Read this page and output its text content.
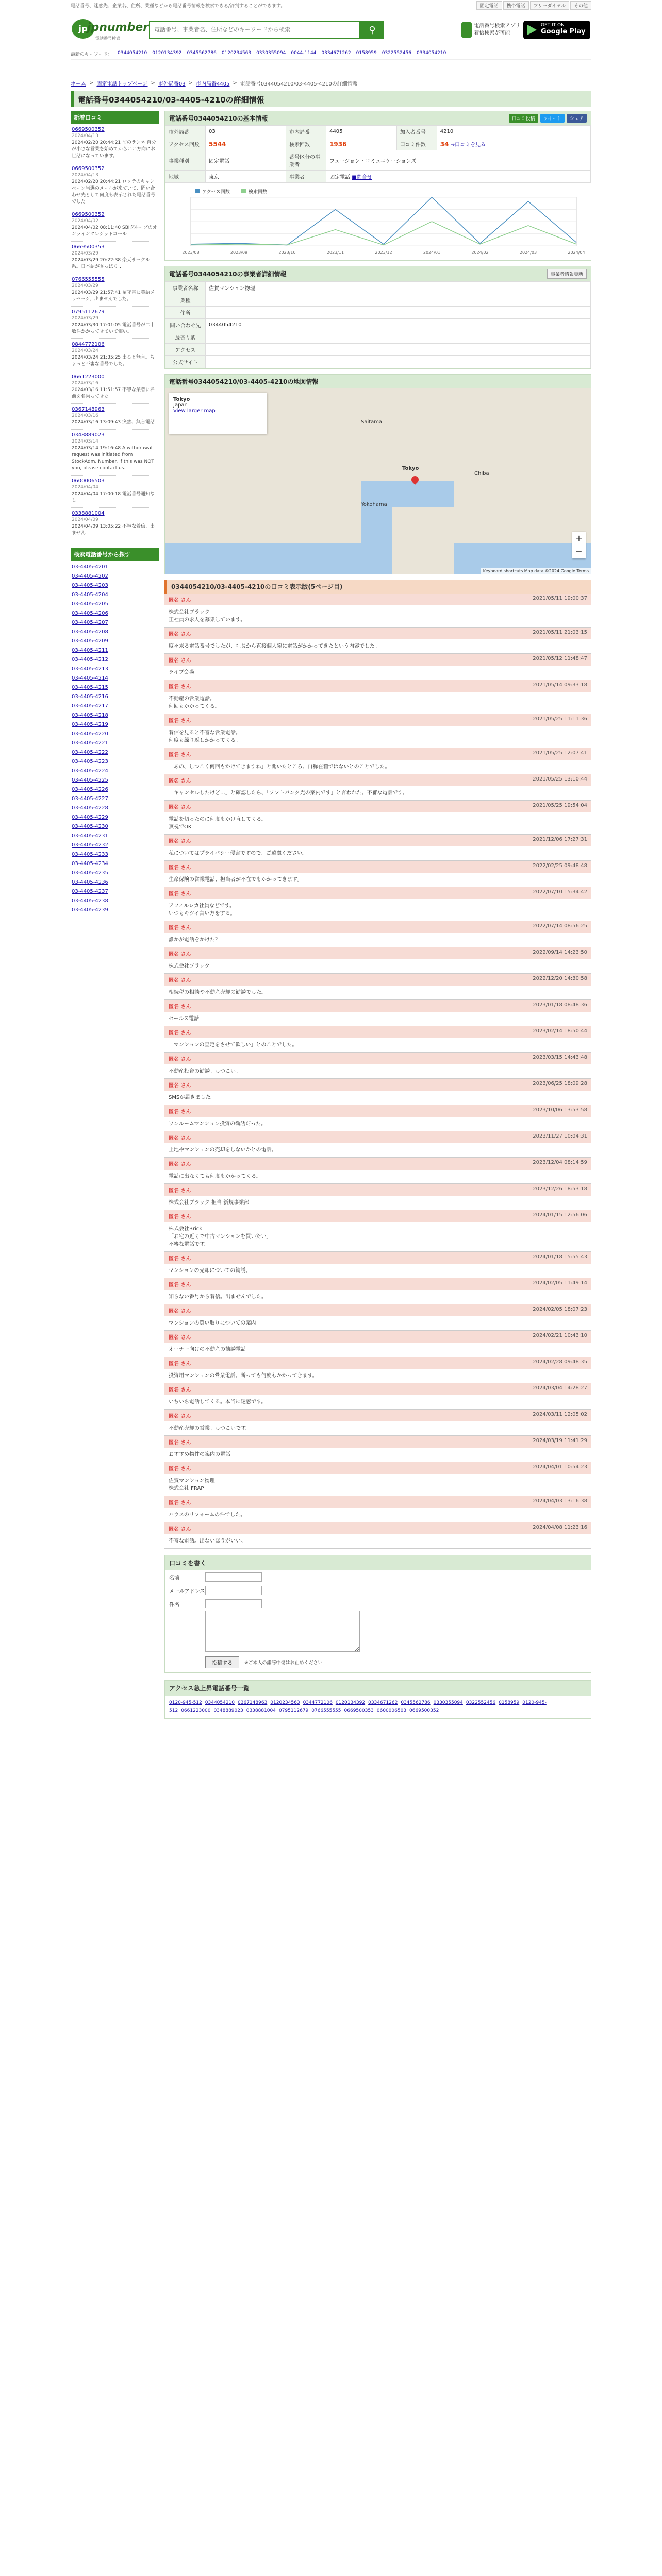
電話番号、迷惑先、企業名、住所、業種などから電話番号情報を検索できる/評判することができます。	固定電話	携帯電話	フリーダイヤル	その他
jp jpnumber
電話番号検索
電話番号、事業者名、住所などのキーワードから検索
⚲	電話番号検索アプリ
着信検索が可能
GET IT ON
Google Play
最新のキーワード： 0344054210 0120134392 0345562786 0120234563 0330355094 0044-1144 0334671262 0158959 0322552456 0334054210
ホーム > 固定電話トップページ > 市外局番03 > 市内局番4405 > 電話番号0344054210/03-4405-4210の詳細情報
電話番号0344054210/03-4405-4210の詳細情報
新着口コミ
0669500352
2024/04/13
2024/02/20 20:44:21 前のランネ 自分が小さな営業を始めてからいい方向にお世話になっています。
0669500352
2024/04/13
2024/02/20 20:44:21 ロッテのキャンペーン当選のメールが来ていて、問い合わせ先として何度も表示された電話番号でした
0669500352
2024/04/02
2024/04/02 08:11:40 SBIグループのオンラインクレジットコール
0669500353
2024/03/29
2024/03/29 20:22:38 楽天サークル系。日本語がさっぱり…
0766555555
2024/03/29
2024/03/29 21:57:41 留守電に英語メッセージ、出ませんでした。
0795112679
2024/03/29
2024/03/30 17:01:05 電話番号が二十数件かかってきていて怖い。
0844772106
2024/03/24
2024/03/24 21:35:25 出ると無言。ちょっと不審な番号でした。
0661223000
2024/03/16
2024/03/16 11:51:57 不審な業者に名前を名乗ってきた
0367148963
2024/03/16
2024/03/16 13:09:43 突然、無言電話
0348889023
2024/03/14
2024/03/14 19:16:48 A withdrawal request was initiated from StockAdm. Number. If this was NOT you, please contact us.
0600006503
2024/04/04
2024/04/04 17:00:18 電話番号通知なし
0338881004
2024/04/09
2024/04/09 13:05:22 不審な着信、出ません
検索電話番号から探す
03-4405-4201
03-4405-4202
03-4405-4203
03-4405-4204
03-4405-4205
03-4405-4206
03-4405-4207
03-4405-4208
03-4405-4209
03-4405-4211
03-4405-4212
03-4405-4213
03-4405-4214
03-4405-4215
03-4405-4216
03-4405-4217
03-4405-4218
03-4405-4219
03-4405-4220
03-4405-4221
03-4405-4222
03-4405-4223
03-4405-4224
03-4405-4225
03-4405-4226
03-4405-4227
03-4405-4228
03-4405-4229
03-4405-4230
03-4405-4231
03-4405-4232
03-4405-4233
03-4405-4234
03-4405-4235
03-4405-4236
03-4405-4237
03-4405-4238
03-4405-4239
電話番号0344054210の基本情報	口コミ投稿	ツイート	シェア
市外局番	03	市内局番	4405	加入者番号	4210
アクセス回数	5544	検索回数	1936	口コミ件数	34 →口コミを見る
事業種別	固定電話	番号区分の事業者	フュージョン・コミュニケーションズ		
地域	東京	事業者	固定電話 ■問合せ		
2023/08	2023/09	2023/10	2023/11	2023/12	2024/01	2024/02	2024/03	2024/04
アクセス回数	検索回数
電話番号0344054210の事業者詳細情報	事業者情報更新
事業者名称	佐賀マンション物理
業種	
住所	
問い合わせ先	0344054210
最寄り駅	
アクセス	
公式サイト	
電話番号0344054210/03-4405-4210の地図情報
Saitama
Tokyo
Yokohama
Chiba
Tokyo
Japan
View larger map
+
−
Keyboard shortcuts Map data ©2024 Google Terms
0344054210/03-4405-4210の口コミ表示版(5ページ目)
匿名 さん	2021/05/11 19:00:37
株式会社ブラック
正社員の求人を募集しています。
匿名 さん	2021/05/11 21:03:15
度々来る電話番号でしたが、社長から直接個人宛に電話がかかってきたという内容でした。
匿名 さん	2021/05/12 11:48:47
ライブ会場
匿名 さん	2021/05/14 09:33:18
不動産の営業電話。
何回もかかってくる。
匿名 さん	2021/05/25 11:11:36
着信を見ると不審な営業電話。
何度も繰り返しかかってくる。
匿名 さん	2021/05/25 12:07:41
「あの、しつこく何回もかけてきますね」と聞いたところ、自称在籍ではないとのことでした。
匿名 さん	2021/05/25 13:10:44
「キャンセルしたけど…」と確認したら、「ソフトバンク光の案内です」と言われた。不審な電話です。
匿名 さん	2021/05/25 19:54:04
電話を切ったのに何度もかけ直してくる。
無視でOK
匿名 さん	2021/12/06 17:27:31
私についてはプライバシー侵害ですので、ご遠慮ください。
匿名 さん	2022/02/25 09:48:48
生命保険の営業電話、担当者が不在でもかかってきます。
匿名 さん	2022/07/10 15:34:42
アフィルレカ社員などです。
いつもキツイ言い方をする。
匿名 さん	2022/07/14 08:56:25
誰かが電話をかけた？
匿名 さん	2022/09/14 14:23:50
株式会社ブラック
匿名 さん	2022/12/20 14:30:58
相続税の相談や不動産売却の勧誘でした。
匿名 さん	2023/01/18 08:48:36
セールス電話
匿名 さん	2023/02/14 18:50:44
「マンションの査定をさせて欲しい」とのことでした。
匿名 さん	2023/03/15 14:43:48
不動産投資の勧誘。しつこい。
匿名 さん	2023/06/25 18:09:28
SMSが届きました。
匿名 さん	2023/10/06 13:53:58
ワンルームマンション投資の勧誘だった。
匿名 さん	2023/11/27 10:04:31
土地やマンションの売却をしないかとの電話。
匿名 さん	2023/12/04 08:14:59
電話に出なくても何度もかかってくる。
匿名 さん	2023/12/26 18:53:18
株式会社ブラック 担当 新規事業部
匿名 さん	2024/01/15 12:56:06
株式会社Brick
「お宅の近くで中古マンションを買いたい」
不審な電話です。
匿名 さん	2024/01/18 15:55:43
マンションの売却についての勧誘。
匿名 さん	2024/02/05 11:49:14
知らない番号から着信。出ませんでした。
匿名 さん	2024/02/05 18:07:23
マンションの買い取りについての案内
匿名 さん	2024/02/21 10:43:10
オーナー向けの不動産の勧誘電話
匿名 さん	2024/02/28 09:48:35
投資用マンションの営業電話。断っても何度もかかってきます。
匿名 さん	2024/03/04 14:28:27
いちいち電話してくる。本当に迷惑です。
匿名 さん	2024/03/11 12:05:02
不動産売却の営業。しつこいです。
匿名 さん	2024/03/19 11:41:29
おすすめ物件の案内の電話
匿名 さん	2024/04/01 10:54:23
佐賀マンション物理
株式会社 FRAP
匿名 さん	2024/04/03 13:16:38
ハウスのリフォームの件でした。
匿名 さん	2024/04/08 11:23:16
不審な電話。出ないほうがいい。
口コミを書く
名前
メールアドレス
件名
投稿する	※ご本人の誹謗中傷はお止めください
アクセス急上昇電話番号一覧
0120-945-512 0344054210 0367148963 0120234563 0344772106 0120134392 0334671262 0345562786 0330355094 0322552456 0158959 0120-945-512 0661223000 0348889023 0338881004 0795112679 0766555555 0669500353 0600006503 0669500352
